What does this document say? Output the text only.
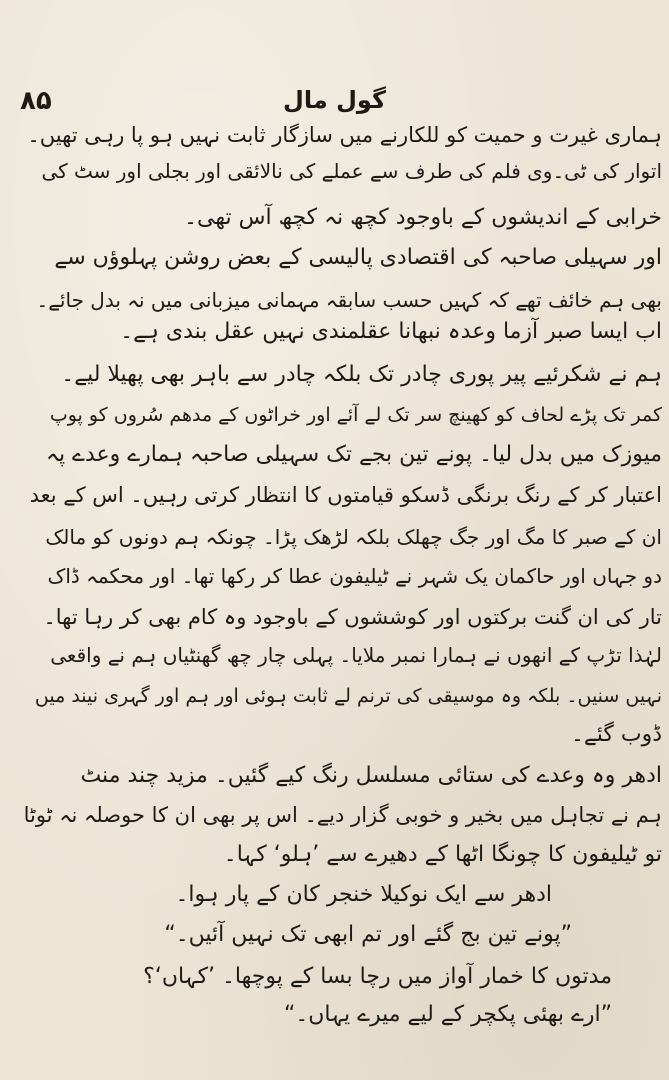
۸۵	گول مال
ہماری غیرت و حمیت کو للکارنے میں سازگار ثابت نہیں ہو پا رہی تھیں۔
اتوار کی ٹی۔وی فلم کی طرف سے عملے کی نالائقی اور بجلی اور سٹ کی
خرابی کے اندیشوں کے باوجود کچھ نہ کچھ آس تھی۔
اور سہیلی صاحبہ کی اقتصادی پالیسی کے بعض روشن پہلوؤں سے
بھی ہم خائف تھے کہ کہیں حسب سابقہ مہمانی میزبانی میں نہ بدل جائے۔
اب ایسا صبر آزما وعدہ نبھانا عقلمندی نہیں عقل بندی ہے۔
ہم نے شکرئیے پیر پوری چادر تک بلکہ چادر سے باہر بھی پھیلا لیے۔
کمر تک پڑے لحاف کو کھینچ سر تک لے آئے اور خراٹوں کے مدھم سُروں کو پوپ
میوزک میں بدل لیا۔ پونے تین بجے تک سہیلی صاحبہ ہمارے وعدے پہ
اعتبار کر کے رنگ برنگی ڈسکو قیامتوں کا انتظار کرتی رہیں۔ اس کے بعد
ان کے صبر کا مگ اور جگ چھلک بلکہ لڑھک پڑا۔ چونکہ ہم دونوں کو مالک
دو جہاں اور حاکمان یک شہر نے ٹیلیفون عطا کر رکھا تھا۔ اور محکمہ ڈاک
تار کی ان گنت برکتوں اور کوششوں کے باوجود وہ کام بھی کر رہا تھا۔
لہٰذا تڑپ کے انھوں نے ہمارا نمبر ملایا۔ پہلی چار چھ گھنٹیاں ہم نے واقعی
نہیں سنیں۔ بلکہ وہ موسیقی کی ترنم لے ثابت ہوئی اور ہم اور گہری نیند میں
ڈوب گئے۔
ادھر وہ وعدے کی ستائی مسلسل رنگ کیے گئیں۔ مزید چند منٹ
ہم نے تجاہل میں بخیر و خوبی گزار دیے۔ اس پر بھی ان کا حوصلہ نہ ٹوٹا
تو ٹیلیفون کا چونگا اٹھا کے دھیرے سے ’ہلو‘ کہا۔
ادھر سے ایک نوکیلا خنجر کان کے پار ہوا۔
”پونے تین بج گئے اور تم ابھی تک نہیں آئیں۔“
مدتوں کا خمار آواز میں رچا بسا کے پوچھا۔ ’کہاں‘؟
”ارے بھئی پکچر کے لیے میرے یہاں۔“
